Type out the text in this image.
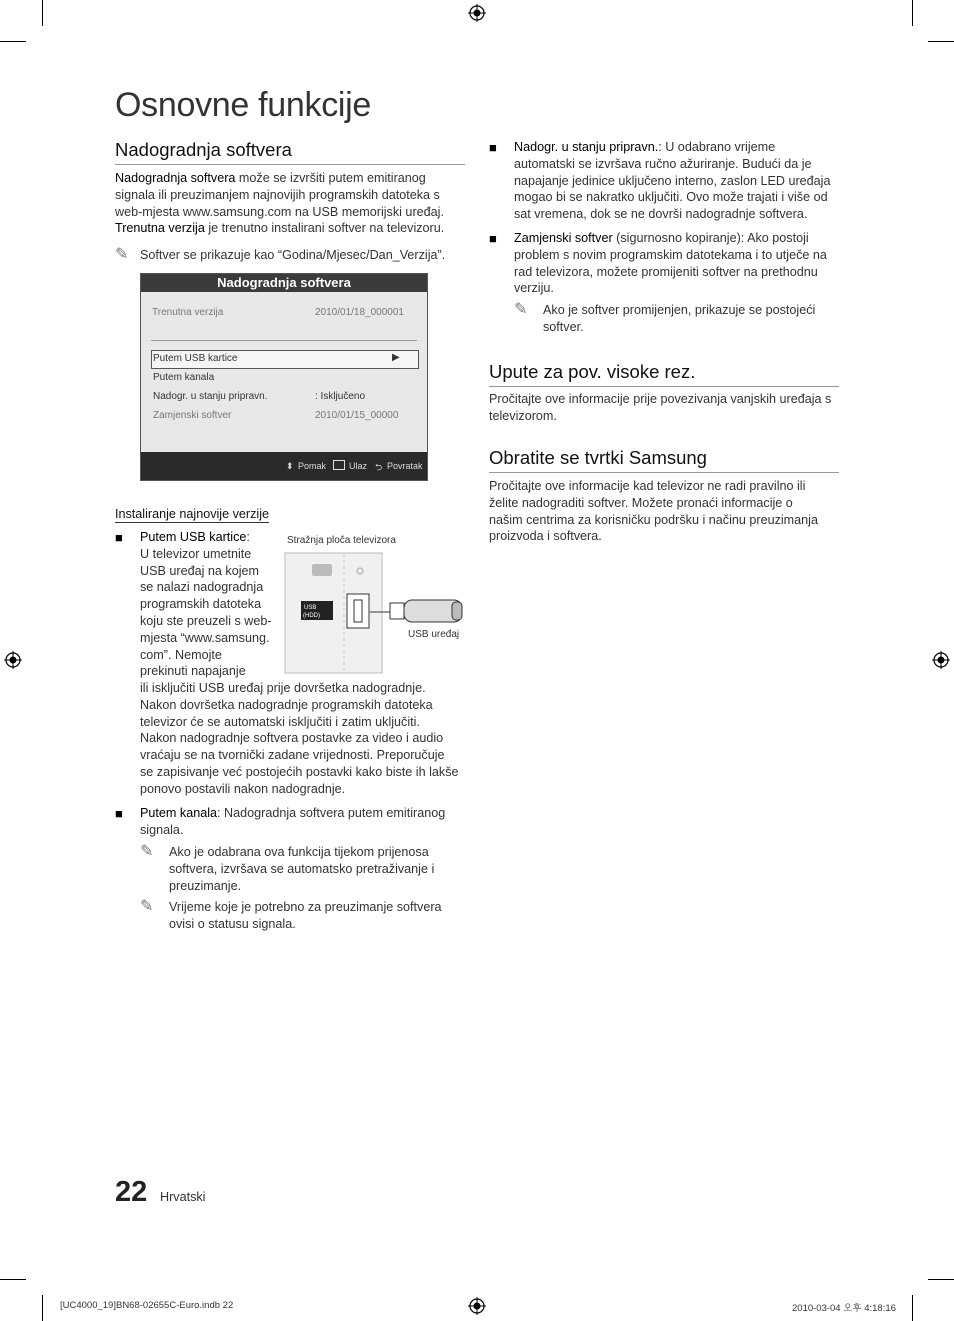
Osnovne funkcije
Nadogradnja softvera
Nadogradnja softvera može se izvršiti putem emitiranog
signala ili preuzimanjem najnovijih programskih datoteka s
web-mjesta www.samsung.com na USB memorijski uređaj.
Trenutna verzija je trenutno instalirani softver na televizoru.
✎ Softver se prikazuje kao “Godina/Mjesec/Dan_Verzija”.
Nadogradnja softvera
Trenutna verzija	2010/01/18_000001
Putem USB kartice	▶
Putem kanala
Nadogr. u stanju pripravn.	: Isključeno
Zamjenski softver	2010/01/15_00000
⬍ Pomak	Ulaz ⮌ Povratak
Instaliranje najnovije verzije
■ Putem USB kartice:
U televizor umetnite
USB uređaj na kojem
se nalazi nadogradnja
programskih datoteka
koju ste preuzeli s web-
mjesta “www.samsung.
com”. Nemojte
prekinuti napajanje
Stražnja ploča televizora
USB
(HDD)
USB uređaj
ili isključiti USB uređaj prije dovršetka nadogradnje.
Nakon dovršetka nadogradnje programskih datoteka
televizor će se automatski isključiti i zatim uključiti.
Nakon nadogradnje softvera postavke za video i audio
vraćaju se na tvornički zadane vrijednosti. Preporučuje
se zapisivanje već postojećih postavki kako biste ih lakše
ponovo postavili nakon nadogradnje.
■ Putem kanala: Nadogradnja softvera putem emitiranog
signala.
✎ Ako je odabrana ova funkcija tijekom prijenosa
softvera, izvršava se automatsko pretraživanje i
preuzimanje.
✎ Vrijeme koje je potrebno za preuzimanje softvera
ovisi o statusu signala.
■ Nadogr. u stanju pripravn.: U odabrano vrijeme
automatski se izvršava ručno ažuriranje. Budući da je
napajanje jedinice uključeno interno, zaslon LED uređaja
mogao bi se nakratko uključiti. Ovo može trajati i više od
sat vremena, dok se ne dovrši nadogradnje softvera.
■ Zamjenski softver (sigurnosno kopiranje): Ako postoji
problem s novim programskim datotekama i to utječe na
rad televizora, možete promijeniti softver na prethodnu
verziju.
✎ Ako je softver promijenjen, prikazuje se postojeći
softver.
Upute za pov. visoke rez.
Pročitajte ove informacije prije povezivanja vanjskih uređaja s
televizorom.
Obratite se tvrtki Samsung
Pročitajte ove informacije kad televizor ne radi pravilno ili
želite nadograditi softver. Možete pronaći informacije o
našim centrima za korisničku podršku i načinu preuzimanja
proizvoda i softvera.
22 Hrvatski
[UC4000_19]BN68-02655C-Euro.indb 22	2010-03-04 오후 4:18:16
